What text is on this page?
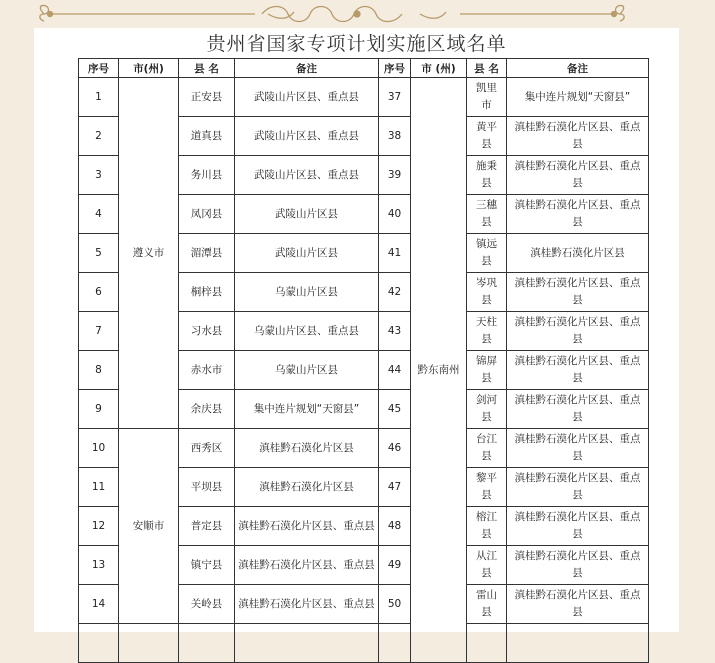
贵州省国家专项计划实施区域名单
序号	市(州)	县 名	备注	序号	市 (州)	县 名	备注
1	遵义市	正安县	武陵山片区县、重点县	37	黔东南州	凯里市	集中连片规划“天窗县”
2		道真县	武陵山片区县、重点县	38		黄平县	滇桂黔石漠化片区县、重点县
3		务川县	武陵山片区县、重点县	39		施秉县	滇桂黔石漠化片区县、重点县
4		凤冈县	武陵山片区县	40		三穗县	滇桂黔石漠化片区县、重点县
5		湄潭县	武陵山片区县	41		镇远县	滇桂黔石漠化片区县
6		桐梓县	乌蒙山片区县	42		岑巩县	滇桂黔石漠化片区县、重点县
7		习水县	乌蒙山片区县、重点县	43		天柱县	滇桂黔石漠化片区县、重点县
8		赤水市	乌蒙山片区县	44		锦屏县	滇桂黔石漠化片区县、重点县
9		余庆县	集中连片规划“天窗县”	45		剑河县	滇桂黔石漠化片区县、重点县
10	安顺市	西秀区	滇桂黔石漠化片区县	46		台江县	滇桂黔石漠化片区县、重点县
11		平坝县	滇桂黔石漠化片区县	47		黎平县	滇桂黔石漠化片区县、重点县
12		普定县	滇桂黔石漠化片区县、重点县	48		榕江县	滇桂黔石漠化片区县、重点县
13		镇宁县	滇桂黔石漠化片区县、重点县	49		从江县	滇桂黔石漠化片区县、重点县
14		关岭县	滇桂黔石漠化片区县、重点县	50		雷山县	滇桂黔石漠化片区县、重点县
